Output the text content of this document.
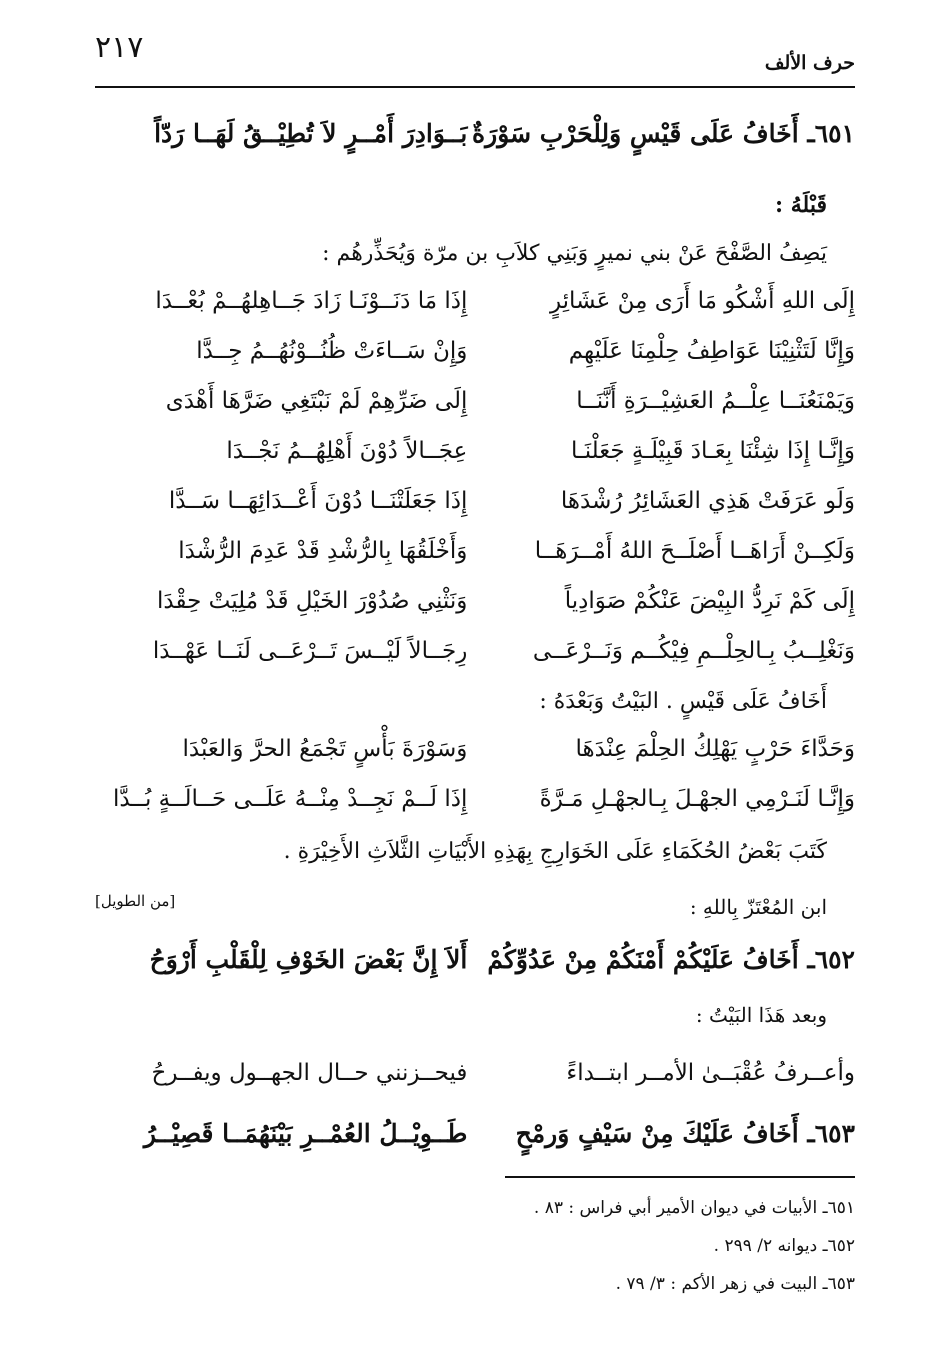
٢١٧	حرف الألف
٦٥١ـ أَخَافُ عَلَى قَيْسٍ وَلِلْحَرْبِ سَوْرَةٌ
بَــوَادِرَ أَمْــرٍ لاَ تُطِيْــقُ لَهَــا رَدّاً
قَبْلَهُ :
يَصِفُ الصَّفْحَ عَنْ بني نميرٍ وَبَنِي كلاَبِ بن مرّة وَيُحَذِّرهُم :
إِلَى اللهِ أَشْكُو مَا أَرَى مِنْ عَشَائِرٍ
إِذَا مَا دَنَــوْنَـا زَادَ جَــاهِلهُــمْ بُعْــدَا
وَإِنَّا لَتَثْنِيْنَا عَوَاطِفُ حِلْمِنَا عَلَيْهِم
وَإِنْ سَــاءَتْ ظُنُــوْنُهُــمُ جِــدَّا
وَيَمْنَعُنَــا عِلْــمُ العَشِيْــرَةِ أَنَّنَــا
إِلَى ضَرِّهِمْ لَمْ نَبْتَغِي ضَرَّهَا أَهْدَى
وَإِنَّـا إِذَا شِئْنَا بِعَـادَ قَبِيْلَـةٍ جَعَلْنَـا
عِجَــالاً دُوْنَ أَهْلِهُــمُ نَجْــدَا
وَلَو عَرَفَتْ هَذِي العَشَائِرُ رُشْدَهَا
إِذَا جَعَلَتْنَــا دُوْنَ أَعْــدَائِهَــا سَــدَّا
وَلَكِــنْ أَرَاهَــا أَصْلَــحَ اللهُ أَمْــرَهَــا
وَأَخْلَقُهَا بِالرُّشْدِ قَدْ عَدِمَ الرُّشْدَا
إِلَى كَمْ نَرِدُّ البِيْضَ عَنْكُمْ صَوَادِياً
وَنَثْنِي صُدُوْرَ الخَيْلِ قَدْ مُلِيَتْ حِقْدَا
وَنَغْلِــبُ بِـالحِلْــمِ فِيْكُــم وَنَــرْعَــى
رِجَــالاً لَيْــسَ تَــرْعَــى لَنَــا عَهْــدَا
أَخَافُ عَلَى قَيْسٍ . البَيْتُ وَبَعْدَهُ :
وَحَدَّاءَ حَرْبٍ يَهْلِكُ الحِلْمَ عِنْدَهَا
وَسَوْرَةَ بَأْسٍ تَجْمَعُ الحرَّ وَالعَبْدَا
وَإِنَّـا لَنَـرْمِي الجهْـلَ بِـالجهْـلِ مَـرَّةً
إِذَا لَــمْ نَجِــدْ مِنْــهُ عَلَــى حَــالَــةٍ بُــدَّا
كَتَبَ بَعْضُ الحُكَمَاءِ عَلَى الخَوَارِجِ بِهَذِهِ الأَبْيَاتِ الثَّلاَثِ الأَخِيْرَةِ .
ابن المُعْتَزّ بِاللهِ :
[من الطويل]
٦٥٢ـ أَخَافُ عَلَيْكُمْ أَمْنَكُمْ مِنْ عَدُوِّكُمْ
أَلاَ إِنَّ بَعْضَ الخَوْفِ لِلْقَلْبِ أَرْوَحُ
وبعد هَذَا البَيْتُ :
وأعــرفُ عُقْبَــىٰ الأمــر ابتــداءً
فيحــزنني حــال الجهــول ويفــرحُ
٦٥٣ـ أَخَافُ عَلَيْكَ مِنْ سَيْفٍ وَرمْحٍ
طَــوِيْــلُ العُمْــرِ بَيْنَهُمَــا قَصِيْــرُ
٦٥١ـ الأبيات في ديوان الأمير أبي فراس : ٨٣ .
٦٥٢ـ ديوانه ٢/ ٢٩٩ .
٦٥٣ـ البيت في زهر الأكم : ٣/ ٧٩ .
